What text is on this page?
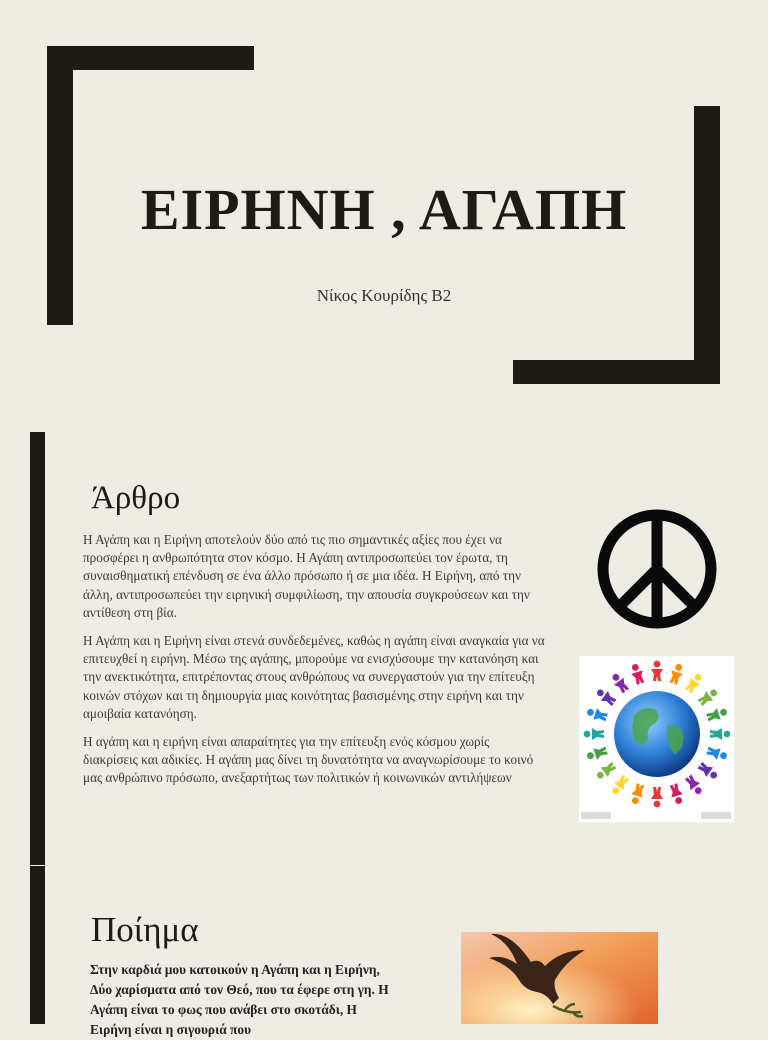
ΕΙΡΗΝΗ , ΑΓΑΠΗ
Νίκος Κουρίδης Β2
Άρθρο

Η Αγάπη και η Ειρήνη αποτελούν δύο από τις πιο σημαντικές αξίες που έχει να προσφέρει η ανθρωπότητα στον κόσμο. Η Αγάπη αντιπροσωπεύει τον έρωτα, τη συναισθηματική επένδυση σε ένα άλλο πρόσωπο ή σε μια ιδέα. Η Ειρήνη, από την άλλη, αντιπροσωπεύει την ειρηνική συμφιλίωση, την απουσία συγκρούσεων και την αντίθεση στη βία.

Η Αγάπη και η Ειρήνη είναι στενά συνδεδεμένες, καθώς η αγάπη είναι αναγκαία για να επιτευχθεί η ειρήνη. Μέσω της αγάπης, μπορούμε να ενισχύσουμε την κατανόηση και την ανεκτικότητα, επιτρέποντας στους ανθρώπους να συνεργαστούν για την επίτευξη κοινών στόχων και τη δημιουργία μιας κοινότητας βασισμένης στην ειρήνη και την αμοιβαία κατανόηση.

Η αγάπη και η ειρήνη είναι απαραίτητες για την επίτευξη ενός κόσμου χωρίς διακρίσεις και αδικίες. Η αγάπη μας δίνει τη δυνατότητα να αναγνωρίσουμε το κοινό μας ανθρώπινο πρόσωπο, ανεξαρτήτως των πολιτικών ή κοινωνικών αντιλήψεων

Ποίημα
Στην καρδιά μου κατοικούν η Αγάπη και η Ειρήνη, Δύο χαρίσματα από τον Θεό, που τα έφερε στη γη. Η Αγάπη είναι το φως που ανάβει στο σκοτάδι, Η Ειρήνη είναι η σιγουριά που
